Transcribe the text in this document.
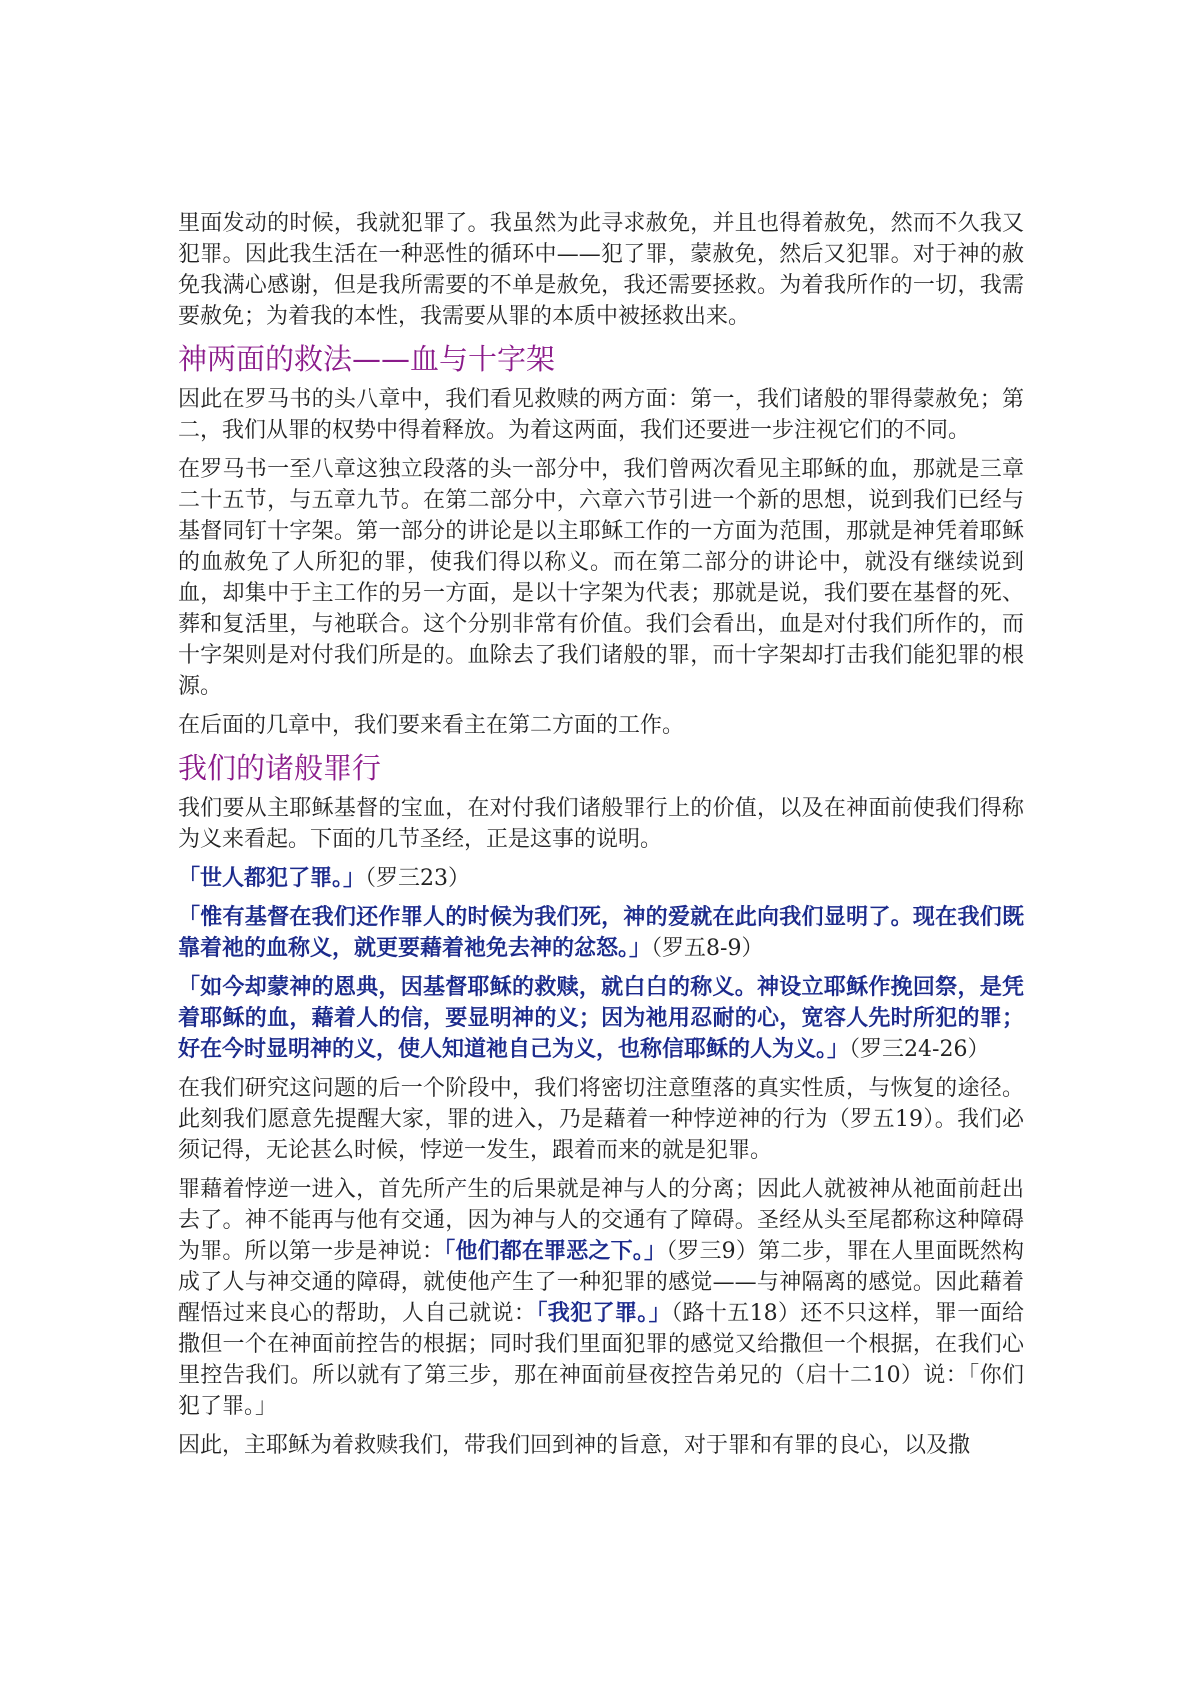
里面发动的时候，我就犯罪了。我虽然为此寻求赦免，并且也得着赦免，然而不久我又犯罪。因此我生活在一种恶性的循环中——犯了罪，蒙赦免，然后又犯罪。对于神的赦免我满心感谢，但是我所需要的不单是赦免，我还需要拯救。为着我所作的一切，我需要赦免；为着我的本性，我需要从罪的本质中被拯救出来。

神两面的救法——血与十字架

因此在罗马书的头八章中，我们看见救赎的两方面：第一，我们诸般的罪得蒙赦免；第二，我们从罪的权势中得着释放。为着这两面，我们还要进一步注视它们的不同。

在罗马书一至八章这独立段落的头一部分中，我们曾两次看见主耶稣的血，那就是三章二十五节，与五章九节。在第二部分中，六章六节引进一个新的思想，说到我们已经与基督同钉十字架。第一部分的讲论是以主耶稣工作的一方面为范围，那就是神凭着耶稣的血赦免了人所犯的罪，使我们得以称义。而在第二部分的讲论中，就没有继续说到血，却集中于主工作的另一方面，是以十字架为代表；那就是说，我们要在基督的死、葬和复活里，与祂联合。这个分别非常有价值。我们会看出，血是对付我们所作的，而十字架则是对付我们所是的。血除去了我们诸般的罪，而十字架却打击我们能犯罪的根源。

在后面的几章中，我们要来看主在第二方面的工作。

我们的诸般罪行

我们要从主耶稣基督的宝血，在对付我们诸般罪行上的价值，以及在神面前使我们得称为义来看起。下面的几节圣经，正是这事的说明。

「世人都犯了罪。」（罗三23）
「惟有基督在我们还作罪人的时候为我们死，神的爱就在此向我们显明了。现在我们既靠着祂的血称义，就更要藉着祂免去神的忿怒。」（罗五8-9）
「如今却蒙神的恩典，因基督耶稣的救赎，就白白的称义。神设立耶稣作挽回祭，是凭着耶稣的血，藉着人的信，要显明神的义；因为祂用忍耐的心，宽容人先时所犯的罪；好在今时显明神的义，使人知道祂自己为义，也称信耶稣的人为义。」（罗三24-26）

在我们研究这问题的后一个阶段中，我们将密切注意堕落的真实性质，与恢复的途径。此刻我们愿意先提醒大家，罪的进入，乃是藉着一种悖逆神的行为（罗五19）。我们必须记得，无论甚么时候，悖逆一发生，跟着而来的就是犯罪。

罪藉着悖逆一进入，首先所产生的后果就是神与人的分离；因此人就被神从祂面前赶出去了。神不能再与他有交通，因为神与人的交通有了障碍。圣经从头至尾都称这种障碍为罪。所以第一步是神说：「他们都在罪恶之下。」（罗三9）第二步，罪在人里面既然构成了人与神交通的障碍，就使他产生了一种犯罪的感觉——与神隔离的感觉。因此藉着醒悟过来良心的帮助，人自己就说：「我犯了罪。」（路十五18）还不只这样，罪一面给撒但一个在神面前控告的根据；同时我们里面犯罪的感觉又给撒但一个根据，在我们心里控告我们。所以就有了第三步，那在神面前昼夜控告弟兄的（启十二10）说：「你们犯了罪。」

因此，主耶稣为着救赎我们，带我们回到神的旨意，对于罪和有罪的良心，以及撒
